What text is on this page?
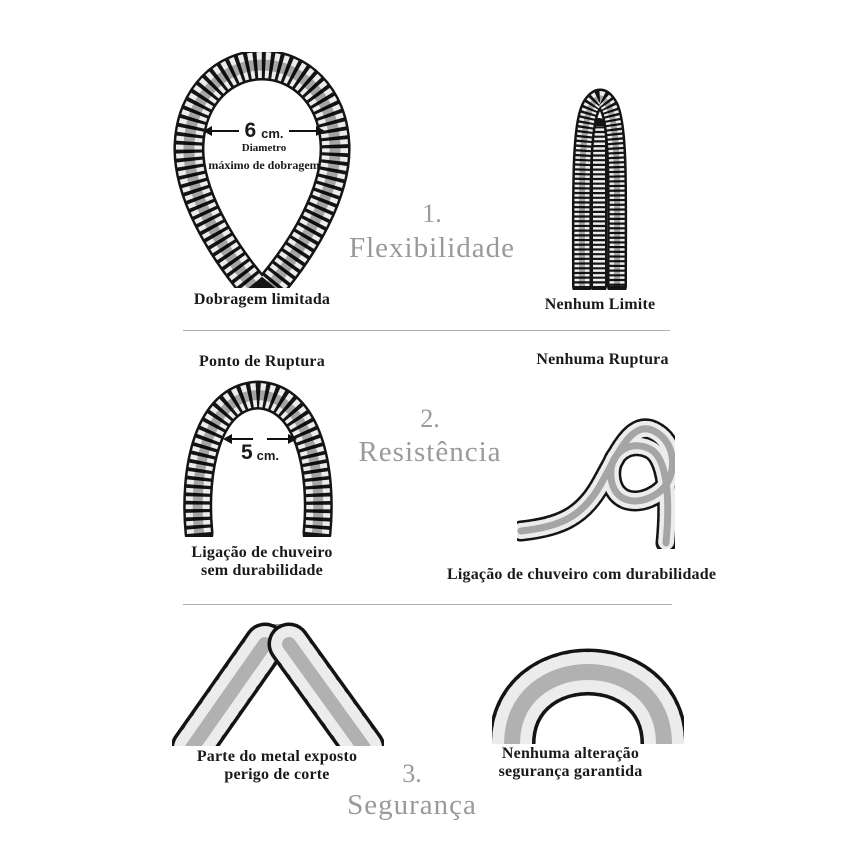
6 cm.
Diametro
máximo de dobragem
Dobragem limitada
1.
Flexibilidade
Nenhum Limite
Ponto de Ruptura
5 cm.
Ligação de chuveiro
sem durabilidade
2.
Resistência
Nenhuma Ruptura
Ligação de chuveiro com durabilidade
Parte do metal exposto
perigo de corte
Nenhuma alteração
segurança garantida
3.
Segurança
